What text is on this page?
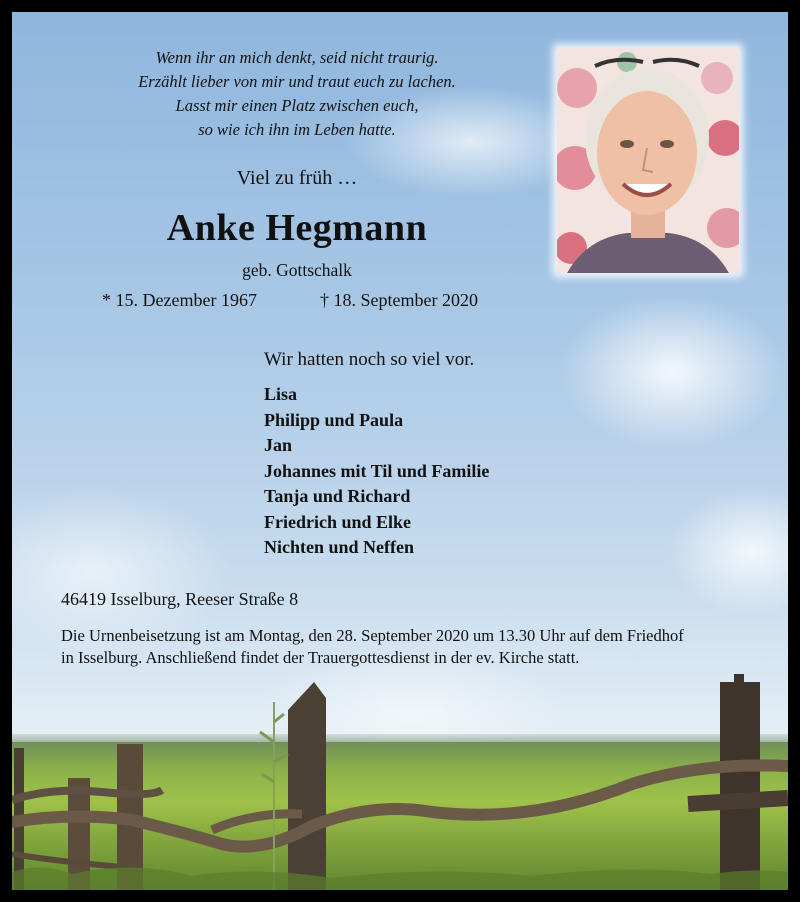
Wenn ihr an mich denkt, seid nicht traurig.
Erzählt lieber von mir und traut euch zu lachen.
Lasst mir einen Platz zwischen euch,
so wie ich ihn im Leben hatte.
Viel zu früh …
Anke Hegmann
geb. Gottschalk
* 15. Dezember 1967	† 18. September 2020
Wir hatten noch so viel vor.
Lisa
Philipp und Paula
Jan
Johannes mit Til und Familie
Tanja und Richard
Friedrich und Elke
Nichten und Neffen
46419 Isselburg, Reeser Straße 8
Die Urnenbeisetzung ist am Montag, den 28. September 2020 um 13.30 Uhr auf dem Friedhof
in Isselburg. Anschließend findet der Trauergottesdienst in der ev. Kirche statt.
